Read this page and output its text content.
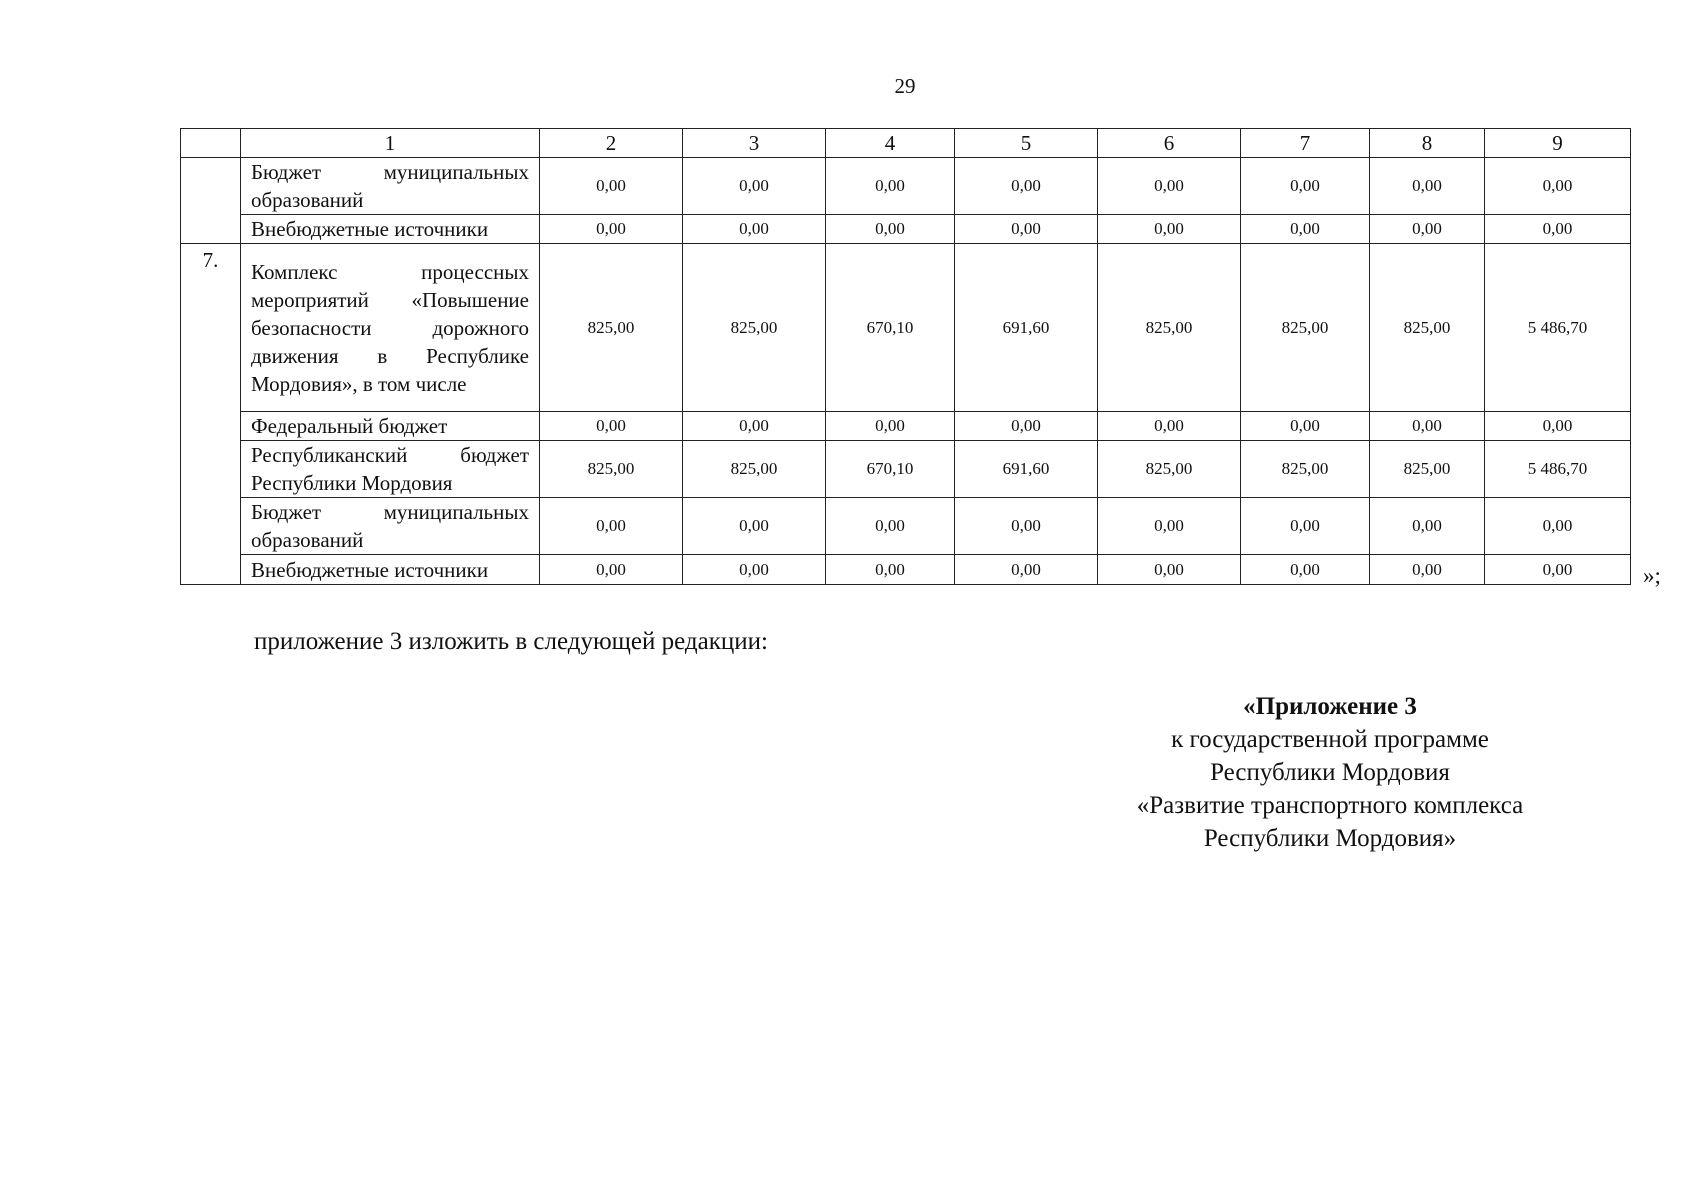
29
	1	2	3	4	5	6	7	8	9
	Бюджет муниципальных образований	0,00	0,00	0,00	0,00	0,00	0,00	0,00	0,00
	Внебюджетные источники	0,00	0,00	0,00	0,00	0,00	0,00	0,00	0,00
7.	Комплекс процессных мероприятий «Повышение безопасности дорожного движения в Республике Мордовия», в том числе	825,00	825,00	670,10	691,60	825,00	825,00	825,00	5 486,70
	Федеральный бюджет	0,00	0,00	0,00	0,00	0,00	0,00	0,00	0,00
	Республиканский бюджет Республики Мордовия	825,00	825,00	670,10	691,60	825,00	825,00	825,00	5 486,70
	Бюджет муниципальных образований	0,00	0,00	0,00	0,00	0,00	0,00	0,00	0,00
	Внебюджетные источники	0,00	0,00	0,00	0,00	0,00	0,00	0,00	0,00	»;
приложение 3 изложить в следующей редакции:
«Приложение 3
к государственной программе
Республики Мордовия
«Развитие транспортного комплекса
Республики Мордовия»
